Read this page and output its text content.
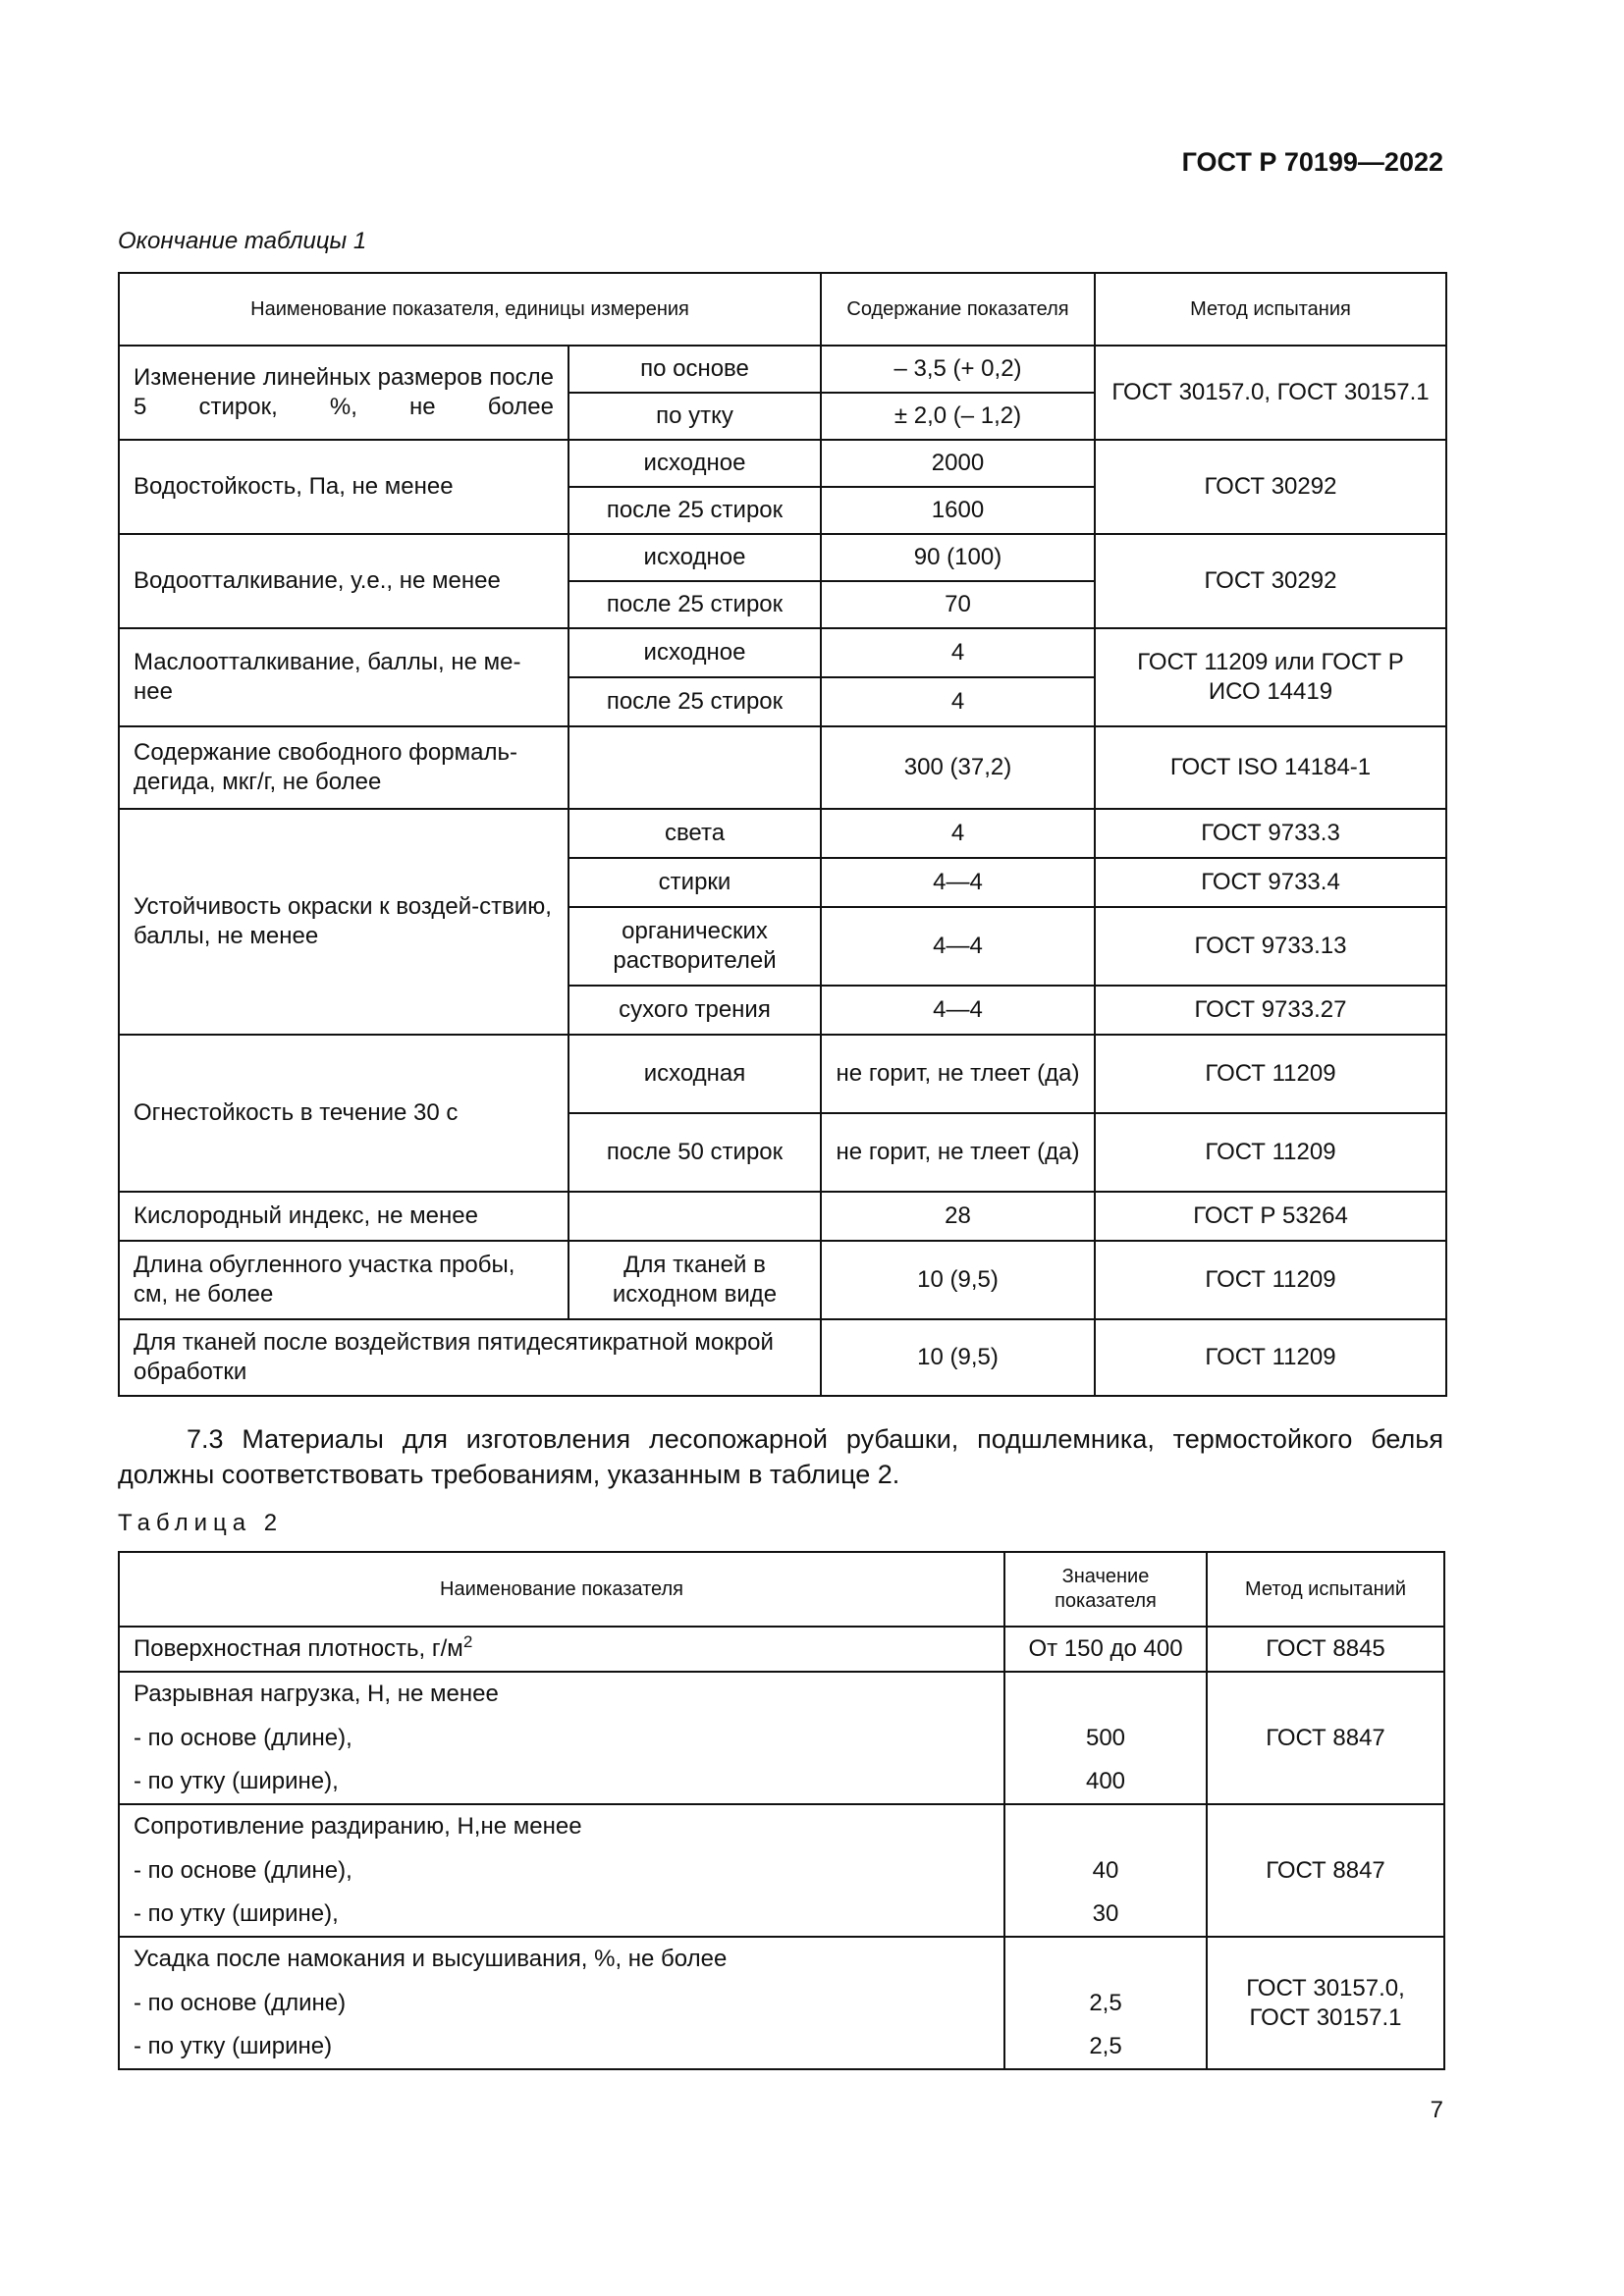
ГОСТ Р 70199—2022
Окончание таблицы 1
Наименование показателя, единицы измерения		Содержание показателя	Метод испытания
Изменение линейных размеров после 5 стирок, %, не более	по основе	– 3,5 (+ 0,2)	ГОСТ 30157.0, ГОСТ 30157.1
	по утку	± 2,0 (– 1,2)	
Водостойкость, Па, не менее	исходное	2000	ГОСТ 30292
	после 25 стирок	1600	
Водоотталкивание, у.е., не менее	исходное	90 (100)	ГОСТ 30292
	после 25 стирок	70	
Маслоотталкивание, баллы, не ме-нее	исходное	4	ГОСТ 11209 или ГОСТ Р ИСО 14419
	после 25 стирок	4	
Содержание свободного формаль-дегида, мкг/г, не более		300 (37,2)	ГОСТ ISO 14184-1
Устойчивость окраски к воздей-ствию, баллы, не менее	света	4	ГОСТ 9733.3
	стирки	4—4	ГОСТ 9733.4
	органических растворителей	4—4	ГОСТ 9733.13
	сухого трения	4—4	ГОСТ 9733.27
Огнестойкость в течение 30 с	исходная	не горит, не тлеет (да)	ГОСТ 11209
	после 50 стирок	не горит, не тлеет (да)	ГОСТ 11209
Кислородный индекс, не менее		28	ГОСТ Р 53264
Длина обугленного участка пробы, см, не более	Для тканей в исходном виде	10 (9,5)	ГОСТ 11209
Для тканей после воздействия пятидесятикратной мокрой обработки		10 (9,5)	ГОСТ 11209
7.3 Материалы для изготовления лесопожарной рубашки, подшлемника, термостойкого белья должны соответствовать требованиям, указанным в таблице 2.
Таблица 2
Наименование показателя	Значение показателя	Метод испытаний
Поверхностная плотность, $г/м^2$	От 150 до 400	ГОСТ 8845
Разрывная нагрузка, Н, не менее		ГОСТ 8847
- по основе (длине),	500	
- по утку (ширине),	400	
Сопротивление раздиранию, Н,не менее		ГОСТ 8847
- по основе (длине),	40	
- по утку (ширине),	30	
Усадка после намокания и высушивания, %, не более		ГОСТ 30157.0, ГОСТ 30157.1
- по основе (длине)	2,5	
- по утку (ширине)	2,5	
7
